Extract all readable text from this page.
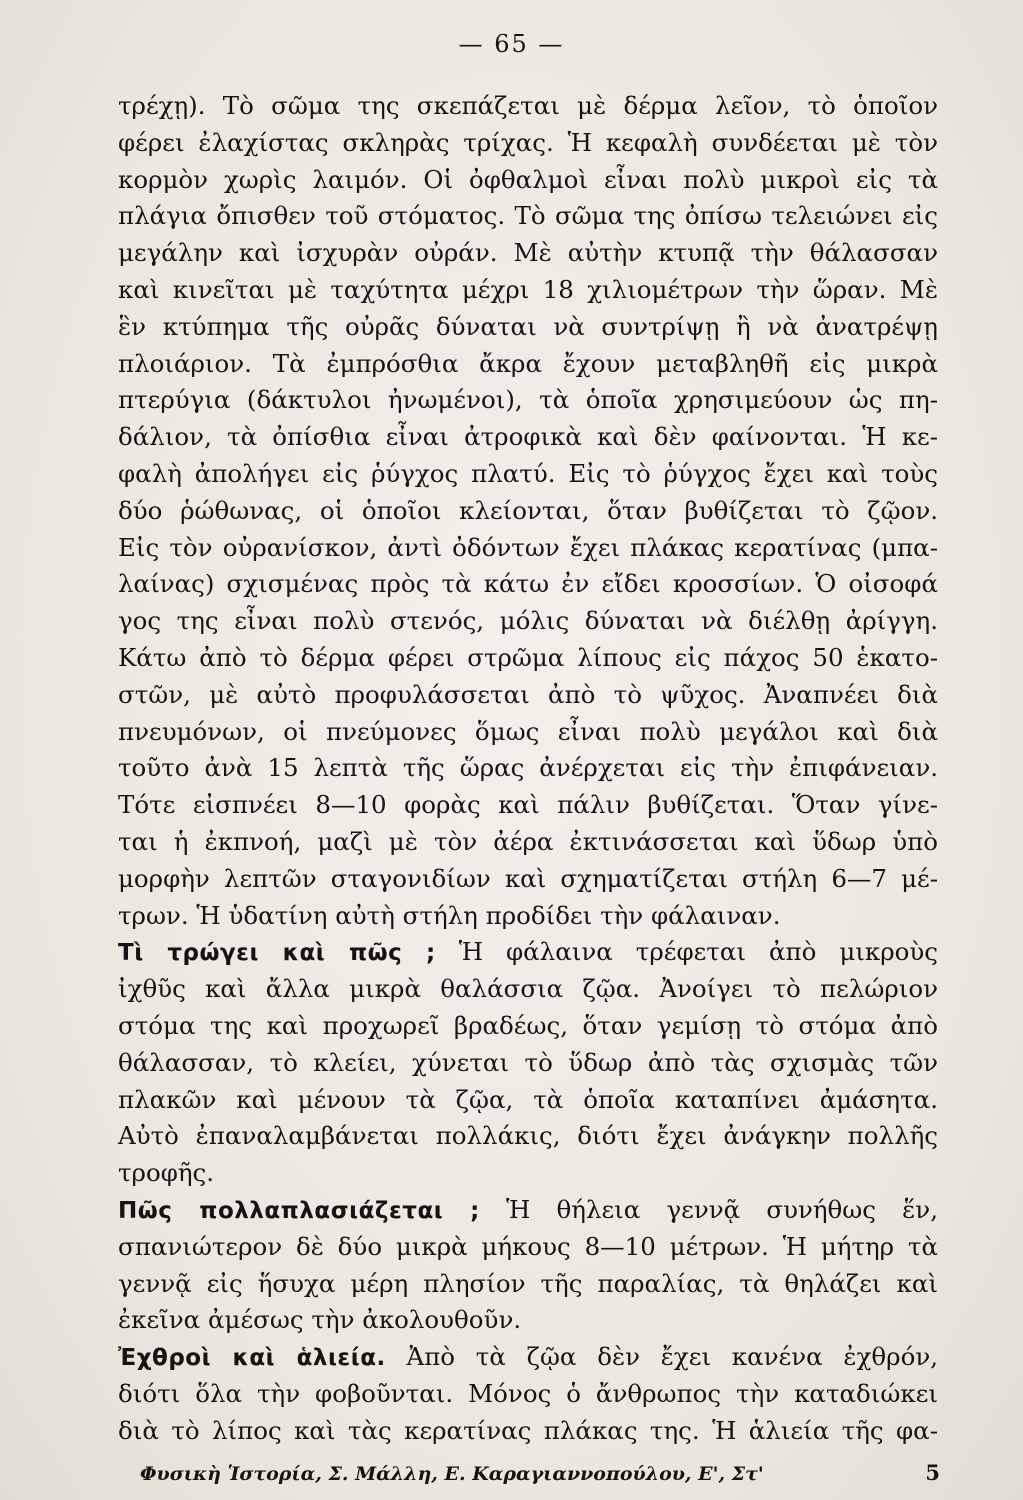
— 65 —
τρέχῃ). Τὸ σῶμα της σκεπάζεται μὲ δέρμα λεῖον, τὸ ὁποῖον
φέρει ἐλαχίστας σκληρὰς τρίχας. Ἡ κεφαλὴ συνδέεται μὲ τὸν
κορμὸν χωρὶς λαιμόν. Οἱ ὀφθαλμοὶ εἶναι πολὺ μικροὶ εἰς τὰ
πλάγια ὄπισθεν τοῦ στόματος. Τὸ σῶμα της ὀπίσω τελειώνει εἰς
μεγάλην καὶ ἰσχυρὰν οὐράν. Μὲ αὐτὴν κτυπᾷ τὴν θάλασσαν
καὶ κινεῖται μὲ ταχύτητα μέχρι 18 χιλιομέτρων τὴν ὥραν. Μὲ
ἓν κτύπημα τῆς οὐρᾶς δύναται νὰ συντρίψῃ ἢ νὰ ἀνατρέψῃ
πλοιάριον. Τὰ ἐμπρόσθια ἄκρα ἔχουν μεταβληθῆ εἰς μικρὰ
πτερύγια (δάκτυλοι ἠνωμένοι), τὰ ὁποῖα χρησιμεύουν ὡς πη-
δάλιον, τὰ ὀπίσθια εἶναι ἀτροφικὰ καὶ δὲν φαίνονται. Ἡ κε-
φαλὴ ἀπολήγει εἰς ῥύγχος πλατύ. Εἰς τὸ ῥύγχος ἔχει καὶ τοὺς
δύο ῥώθωνας, οἱ ὁποῖοι κλείονται, ὅταν βυθίζεται τὸ ζῷον.
Εἰς τὸν οὐρανίσκον, ἀντὶ ὀδόντων ἔχει πλάκας κερατίνας (μπα-
λαίνας) σχισμένας πρὸς τὰ κάτω ἐν εἴδει κροσσίων. Ὁ οἰσοφά
γος της εἶναι πολὺ στενός, μόλις δύναται νὰ διέλθῃ ἀρίγγη.
Κάτω ἀπὸ τὸ δέρμα φέρει στρῶμα λίπους εἰς πάχος 50 ἑκατο-
στῶν, μὲ αὐτὸ προφυλάσσεται ἀπὸ τὸ ψῦχος. Ἀναπνέει διὰ
πνευμόνων, οἱ πνεύμονες ὅμως εἶναι πολὺ μεγάλοι καὶ διὰ
τοῦτο ἀνὰ 15 λεπτὰ τῆς ὥρας ἀνέρχεται εἰς τὴν ἐπιφάνειαν.
Τότε εἰσπνέει 8—10 φορὰς καὶ πάλιν βυθίζεται. Ὅταν γίνε-
ται ἡ ἐκπνοή, μαζὶ μὲ τὸν ἀέρα ἐκτινάσσεται καὶ ὕδωρ ὑπὸ
μορφὴν λεπτῶν σταγονιδίων καὶ σχηματίζεται στήλη 6—7 μέ-
τρων. Ἡ ὑδατίνη αὐτὴ στήλη προδίδει τὴν φάλαιναν.
Τὶ τρώγει καὶ πῶς ; Ἡ φάλαινα τρέφεται ἀπὸ μικροὺς
ἰχθῦς καὶ ἄλλα μικρὰ θαλάσσια ζῷα. Ἀνοίγει τὸ πελώριον
στόμα της καὶ προχωρεῖ βραδέως, ὅταν γεμίσῃ τὸ στόμα ἀπὸ
θάλασσαν, τὸ κλείει, χύνεται τὸ ὕδωρ ἀπὸ τὰς σχισμὰς τῶν
πλακῶν καὶ μένουν τὰ ζῷα, τὰ ὁποῖα καταπίνει ἀμάσητα.
Αὐτὸ ἐπαναλαμβάνεται πολλάκις, διότι ἔχει ἀνάγκην πολλῆς
τροφῆς.
Πῶς πολλαπλασιάζεται ; Ἡ θήλεια γεννᾷ συνήθως ἕν,
σπανιώτερον δὲ δύο μικρὰ μήκους 8—10 μέτρων. Ἡ μήτηρ τὰ
γεννᾷ εἰς ἥσυχα μέρη πλησίον τῆς παραλίας, τὰ θηλάζει καὶ
ἐκεῖνα ἀμέσως τὴν ἀκολουθοῦν.
Ἐχθροὶ καὶ ἁλιεία. Ἀπὸ τὰ ζῷα δὲν ἔχει κανένα ἐχθρόν,
διότι ὅλα τὴν φοβοῦνται. Μόνος ὁ ἄνθρωπος τὴν καταδιώκει
διὰ τὸ λίπος καὶ τὰς κερατίνας πλάκας της. Ἡ ἁλιεία τῆς φα-
Φυσικὴ Ἱστορία, Σ. Μάλλη, Ε. Καραγιαννοπούλου, Ε', Στ'	5
